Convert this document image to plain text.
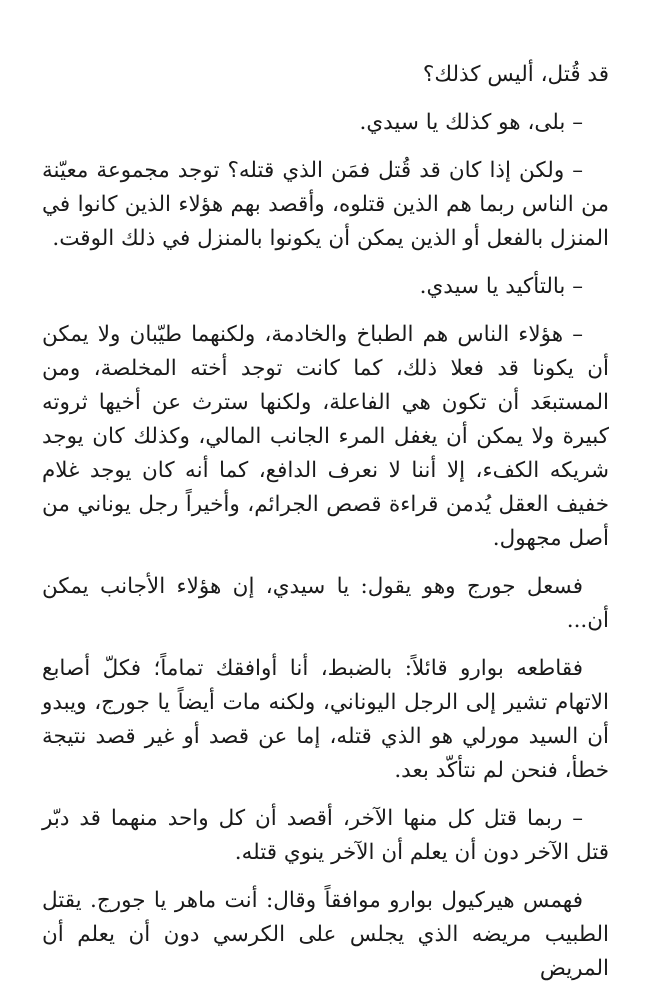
قد قُتل، أليس كذلك؟

– بلى، هو كذلك يا سيدي.

– ولكن إذا كان قد قُتل فمَن الذي قتله؟ توجد مجموعة معيّنة من الناس ربما هم الذين قتلوه، وأقصد بهم هؤلاء الذين كانوا في المنزل بالفعل أو الذين يمكن أن يكونوا بالمنزل في ذلك الوقت.

– بالتأكيد يا سيدي.

– هؤلاء الناس هم الطباخ والخادمة، ولكنهما طيّبان ولا يمكن أن يكونا قد فعلا ذلك، كما كانت توجد أخته المخلصة، ومن المستبعَد أن تكون هي الفاعلة، ولكنها سترث عن أخيها ثروته كبيرة ولا يمكن أن يغفل المرء الجانب المالي، وكذلك كان يوجد شريكه الكفء، إلا أننا لا نعرف الدافع، كما أنه كان يوجد غلام خفيف العقل يُدمن قراءة قصص الجرائم، وأخيراً رجل يوناني من أصل مجهول.

فسعل جورج وهو يقول: يا سيدي، إن هؤلاء الأجانب يمكن أن...

فقاطعه بوارو قائلاً: بالضبط، أنا أوافقك تماماً؛ فكلّ أصابع الاتهام تشير إلى الرجل اليوناني، ولكنه مات أيضاً يا جورج، ويبدو أن السيد مورلي هو الذي قتله، إما عن قصد أو غير قصد نتيجة خطأ، فنحن لم نتأكّد بعد.

– ربما قتل كل منها الآخر، أقصد أن كل واحد منهما قد دبّر قتل الآخر دون أن يعلم أن الآخر ينوي قتله.

فهمس هيركيول بوارو موافقاً وقال: أنت ماهر يا جورج. يقتل الطبيب مريضه الذي يجلس على الكرسي دون أن يعلم أن المريض
